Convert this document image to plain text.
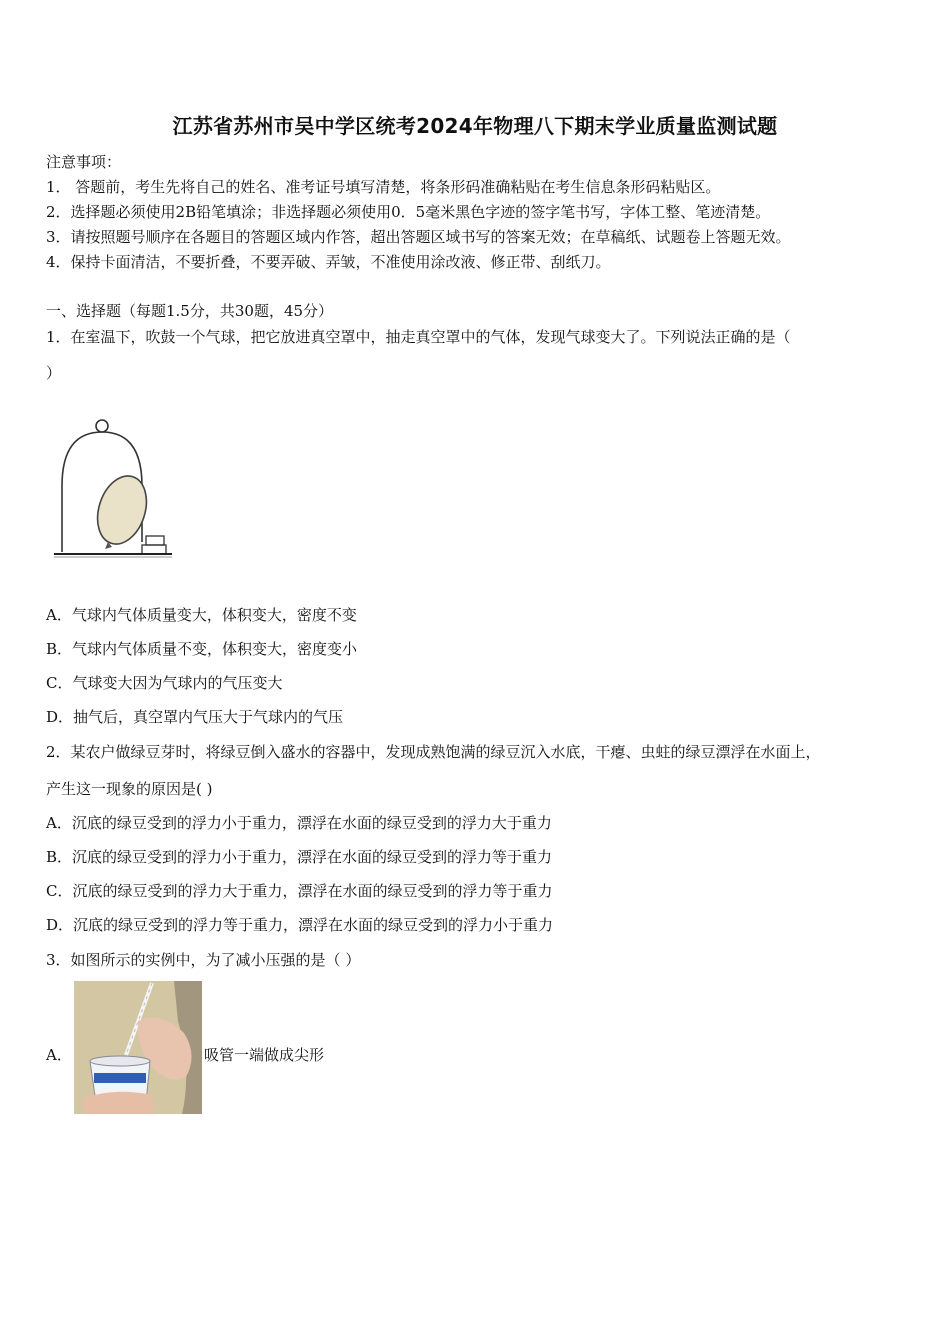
江苏省苏州市吴中学区统考2024年物理八下期末学业质量监测试题
注意事项：
1． 答题前，考生先将自己的姓名、准考证号填写清楚，将条形码准确粘贴在考生信息条形码粘贴区。
2．选择题必须使用2B铅笔填涂；非选择题必须使用0．5毫米黑色字迹的签字笔书写，字体工整、笔迹清楚。
3．请按照题号顺序在各题目的答题区域内作答，超出答题区域书写的答案无效；在草稿纸、试题卷上答题无效。
4．保持卡面清洁，不要折叠，不要弄破、弄皱，不准使用涂改液、修正带、刮纸刀。
一、选择题（每题1.5分，共30题，45分）
1．在室温下，吹鼓一个气球，把它放进真空罩中，抽走真空罩中的气体，发现气球变大了。下列说法正确的是（
）
A．气球内气体质量变大，体积变大，密度不变
B．气球内气体质量不变，体积变大，密度变小
C．气球变大因为气球内的气压变大
D．抽气后，真空罩内气压大于气球内的气压
2．某农户做绿豆芽时，将绿豆倒入盛水的容器中，发现成熟饱满的绿豆沉入水底，干瘪、虫蛀的绿豆漂浮在水面上，
产生这一现象的原因是( )
A．沉底的绿豆受到的浮力小于重力，漂浮在水面的绿豆受到的浮力大于重力
B．沉底的绿豆受到的浮力小于重力，漂浮在水面的绿豆受到的浮力等于重力
C．沉底的绿豆受到的浮力大于重力，漂浮在水面的绿豆受到的浮力等于重力
D．沉底的绿豆受到的浮力等于重力，漂浮在水面的绿豆受到的浮力小于重力
3．如图所示的实例中，为了减小压强的是（ ）
A．	吸管一端做成尖形
